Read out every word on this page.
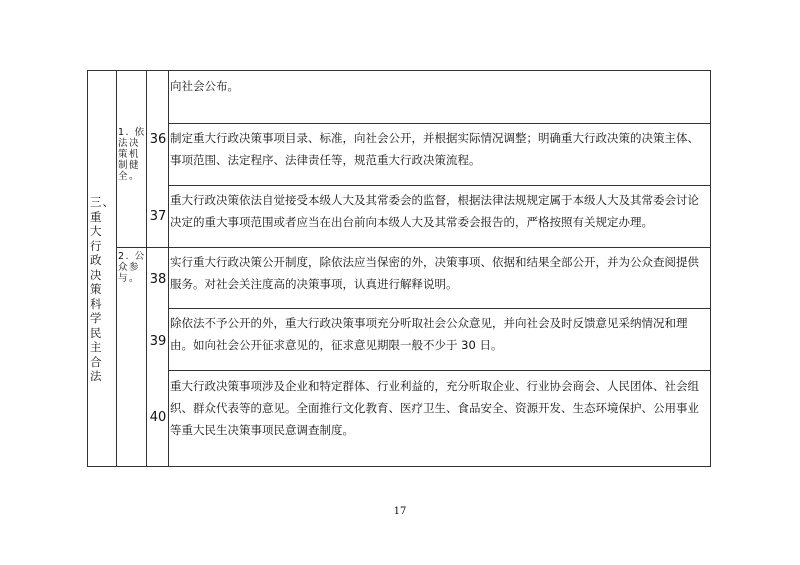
三、重大行政决策科学民主合法
1. 依法决策机制健全。
2. 公众参与。
向社会公布。
36 制定重大行政决策事项目录、标准，向社会公开，并根据实际情况调整；明确重大行政决策的决策主体、事项范围、法定程序、法律责任等，规范重大行政决策流程。
37
重大行政决策依法自觉接受本级人大及其常委会的监督，根据法律法规规定属于本级人大及其常委会讨论决定的重大事项范围或者应当在出台前向本级人大及其常委会报告的，严格按照有关规定办理。
38
实行重大行政决策公开制度，除依法应当保密的外，决策事项、依据和结果全部公开，并为公众查阅提供服务。对社会关注度高的决策事项，认真进行解释说明。
39
除依法不予公开的外，重大行政决策事项充分听取社会公众意见，并向社会及时反馈意见采纳情况和理由。如向社会公开征求意见的，征求意见期限一般不少于 30 日。
40
重大行政决策事项涉及企业和特定群体、行业利益的，充分听取企业、行业协会商会、人民团体、社会组织、群众代表等的意见。全面推行文化教育、医疗卫生、食品安全、资源开发、生态环境保护、公用事业等重大民生决策事项民意调查制度。
17
